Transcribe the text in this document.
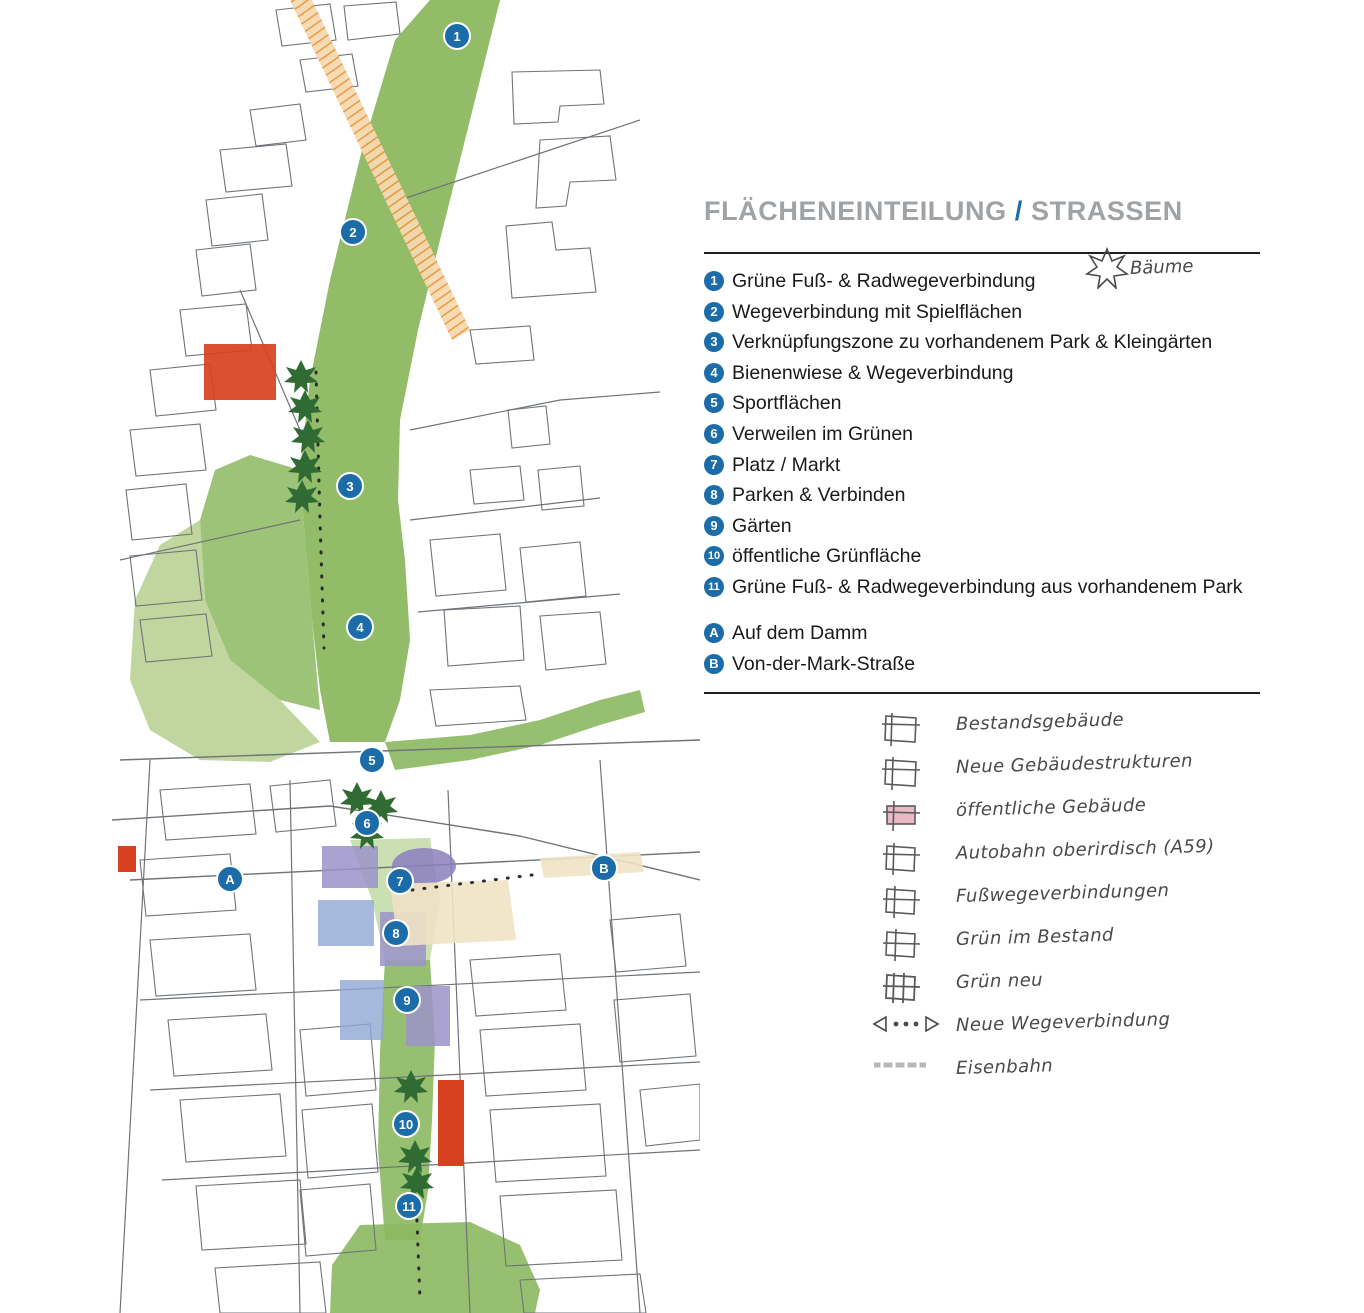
1
2
3
4
5
6
7
8
9
10
11
A
B
FLÄCHENEINTEILUNG / STRASSEN
1 Grüne Fuß- & Radwegeverbindung
2 Wegeverbindung mit Spielflächen
3 Verknüpfungszone zu vorhandenem Park & Kleingärten
4 Bienenwiese & Wegeverbindung
5 Sportflächen
6 Verweilen im Grünen
7 Platz / Markt
8 Parken & Verbinden
9 Gärten
10 öffentliche Grünfläche
11 Grüne Fuß- & Radwegeverbindung aus vorhandenem Park
A Auf dem Damm
B Von-der-Mark-Straße
Bestandsgebäude
Neue Gebäudestrukturen
öffentliche Gebäude
Autobahn oberirdisch (A59)
Fußwegeverbindungen
Grün im Bestand
Grün neu
Neue Wegeverbindung
Eisenbahn
Bäume
